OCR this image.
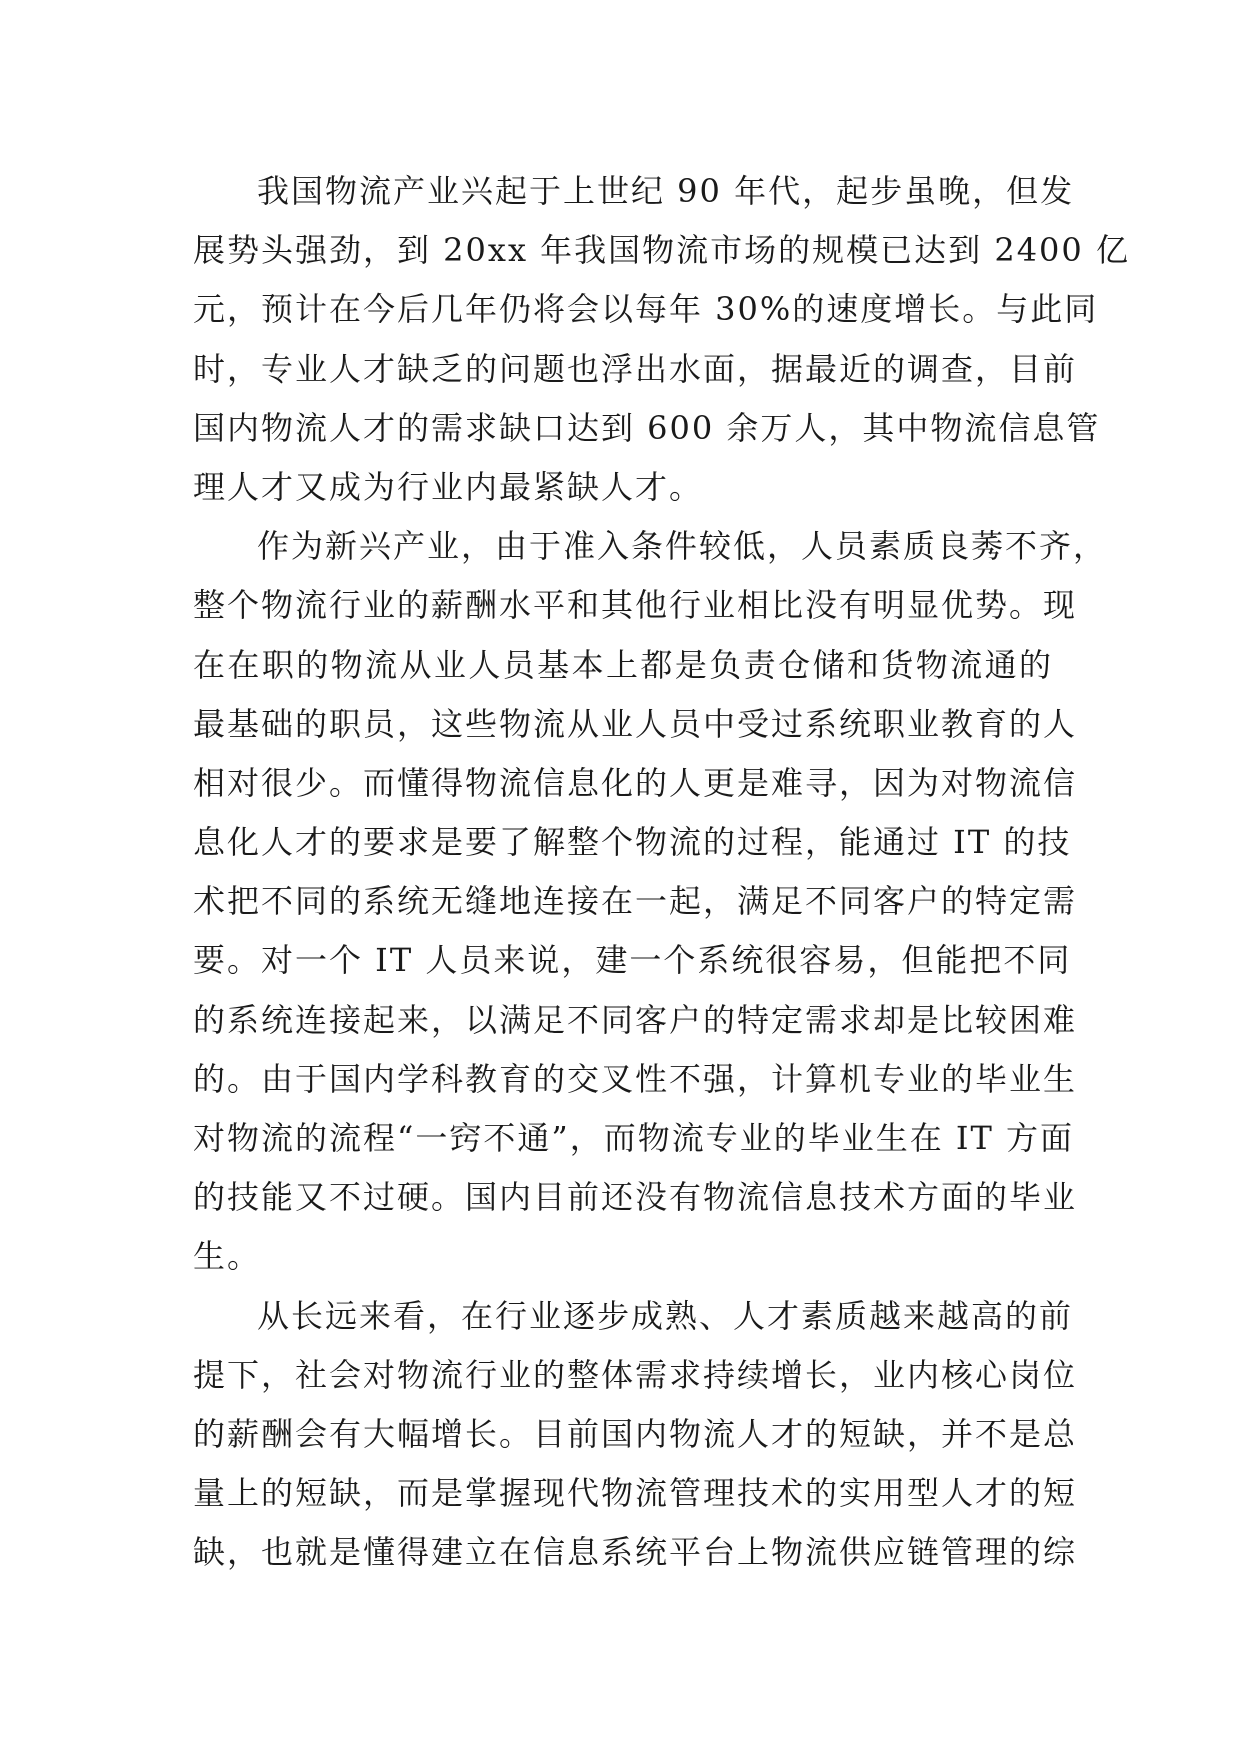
我国物流产业兴起于上世纪 90 年代，起步虽晚，但发
展势头强劲，到 20xx 年我国物流市场的规模已达到 2400 亿
元，预计在今后几年仍将会以每年 30%的速度增长。与此同
时，专业人才缺乏的问题也浮出水面，据最近的调查，目前
国内物流人才的需求缺口达到 600 余万人，其中物流信息管
理人才又成为行业内最紧缺人才。
作为新兴产业，由于准入条件较低，人员素质良莠不齐，
整个物流行业的薪酬水平和其他行业相比没有明显优势。现
在在职的物流从业人员基本上都是负责仓储和货物流通的
最基础的职员，这些物流从业人员中受过系统职业教育的人
相对很少。而懂得物流信息化的人更是难寻，因为对物流信
息化人才的要求是要了解整个物流的过程，能通过 IT 的技
术把不同的系统无缝地连接在一起，满足不同客户的特定需
要。对一个 IT 人员来说，建一个系统很容易，但能把不同
的系统连接起来，以满足不同客户的特定需求却是比较困难
的。由于国内学科教育的交叉性不强，计算机专业的毕业生
对物流的流程“一窍不通”，而物流专业的毕业生在 IT 方面
的技能又不过硬。国内目前还没有物流信息技术方面的毕业
生。
从长远来看，在行业逐步成熟、人才素质越来越高的前
提下，社会对物流行业的整体需求持续增长，业内核心岗位
的薪酬会有大幅增长。目前国内物流人才的短缺，并不是总
量上的短缺，而是掌握现代物流管理技术的实用型人才的短
缺，也就是懂得建立在信息系统平台上物流供应链管理的综
